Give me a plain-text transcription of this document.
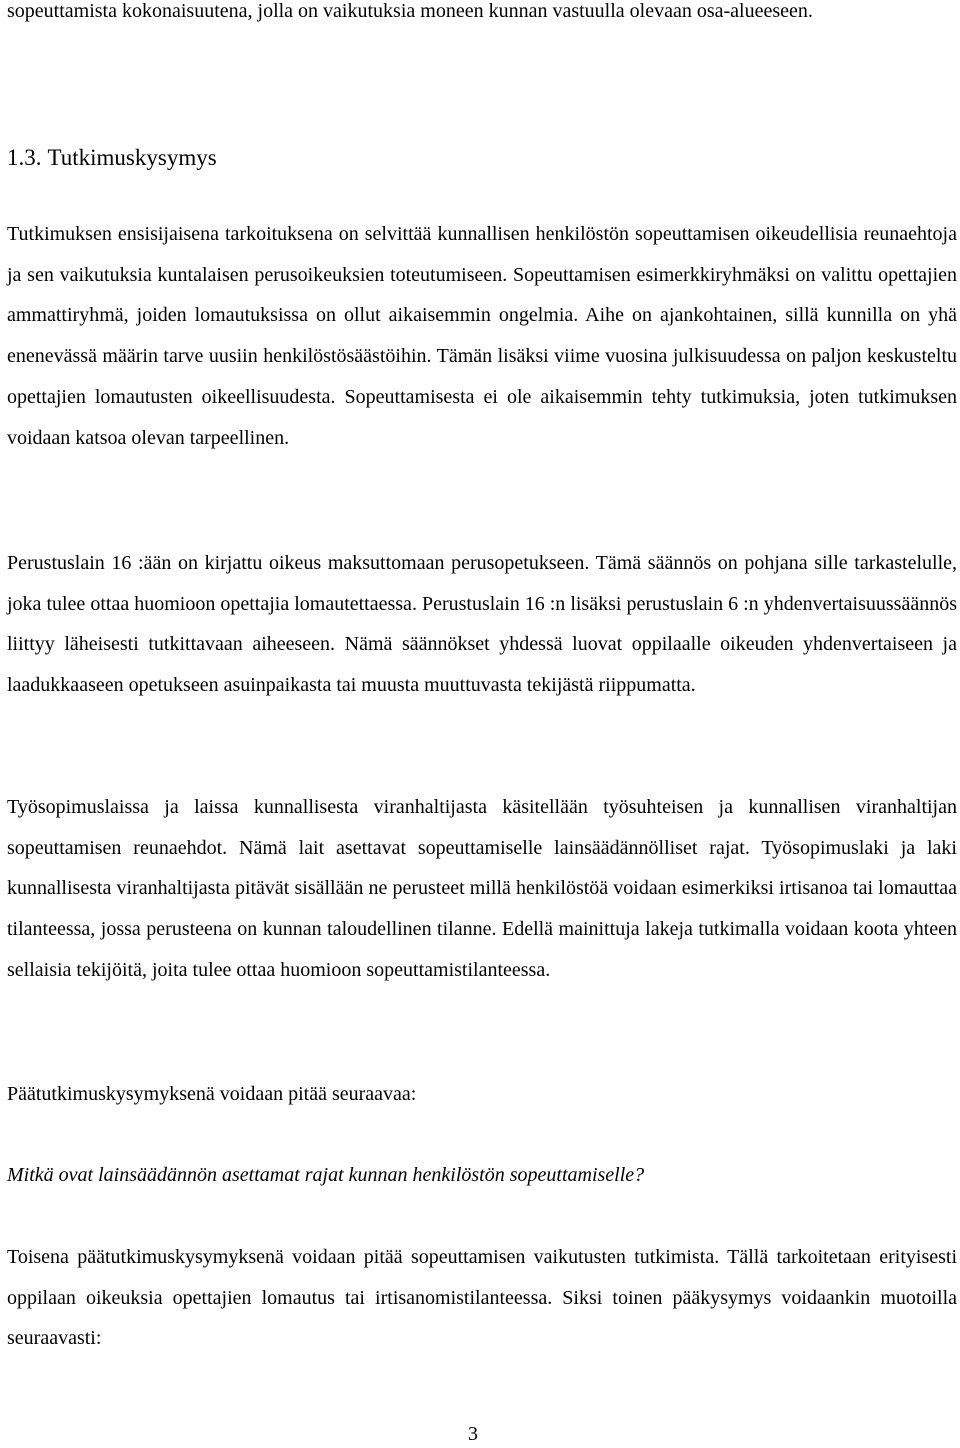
sopeuttamista kokonaisuutena, jolla on vaikutuksia moneen kunnan vastuulla olevaan osa-alueeseen.

1.3. Tutkimuskysymys

Tutkimuksen ensisijaisena tarkoituksena on selvittää kunnallisen henkilöstön sopeuttamisen oikeudellisia reunaehtoja ja sen vaikutuksia kuntalaisen perusoikeuksien toteutumiseen. Sopeuttamisen esimerkkiryhmäksi on valittu opettajien ammattiryhmä, joiden lomautuksissa on ollut aikaisemmin ongelmia. Aihe on ajankohtainen, sillä kunnilla on yhä enenevässä määrin tarve uusiin henkilöstösäästöihin. Tämän lisäksi viime vuosina julkisuudessa on paljon keskusteltu opettajien lomautusten oikeellisuudesta. Sopeuttamisesta ei ole aikaisemmin tehty tutkimuksia, joten tutkimuksen voidaan katsoa olevan tarpeellinen.

Perustuslain 16 :ään on kirjattu oikeus maksuttomaan perusopetukseen. Tämä säännös on pohjana sille tarkastelulle, joka tulee ottaa huomioon opettajia lomautettaessa. Perustuslain 16 :n lisäksi perustuslain 6 :n yhdenvertaisuussäännös liittyy läheisesti tutkittavaan aiheeseen. Nämä säännökset yhdessä luovat oppilaalle oikeuden yhdenvertaiseen ja laadukkaaseen opetukseen asuinpaikasta tai muusta muuttuvasta tekijästä riippumatta.

Työsopimuslaissa ja laissa kunnallisesta viranhaltijasta käsitellään työsuhteisen ja kunnallisen viranhaltijan sopeuttamisen reunaehdot. Nämä lait asettavat sopeuttamiselle lainsäädännölliset rajat. Työsopimuslaki ja laki kunnallisesta viranhaltijasta pitävät sisällään ne perusteet millä henkilöstöä voidaan esimerkiksi irtisanoa tai lomauttaa tilanteessa, jossa perusteena on kunnan taloudellinen tilanne. Edellä mainittuja lakeja tutkimalla voidaan koota yhteen sellaisia tekijöitä, joita tulee ottaa huomioon sopeuttamistilanteessa.

Päätutkimuskysymyksenä voidaan pitää seuraavaa:

Mitkä ovat lainsäädännön asettamat rajat kunnan henkilöstön sopeuttamiselle?

Toisena päätutkimuskysymyksenä voidaan pitää sopeuttamisen vaikutusten tutkimista. Tällä tarkoitetaan erityisesti oppilaan oikeuksia opettajien lomautus tai irtisanomistilanteessa. Siksi toinen pääkysymys voidaankin muotoilla seuraavasti:

3
